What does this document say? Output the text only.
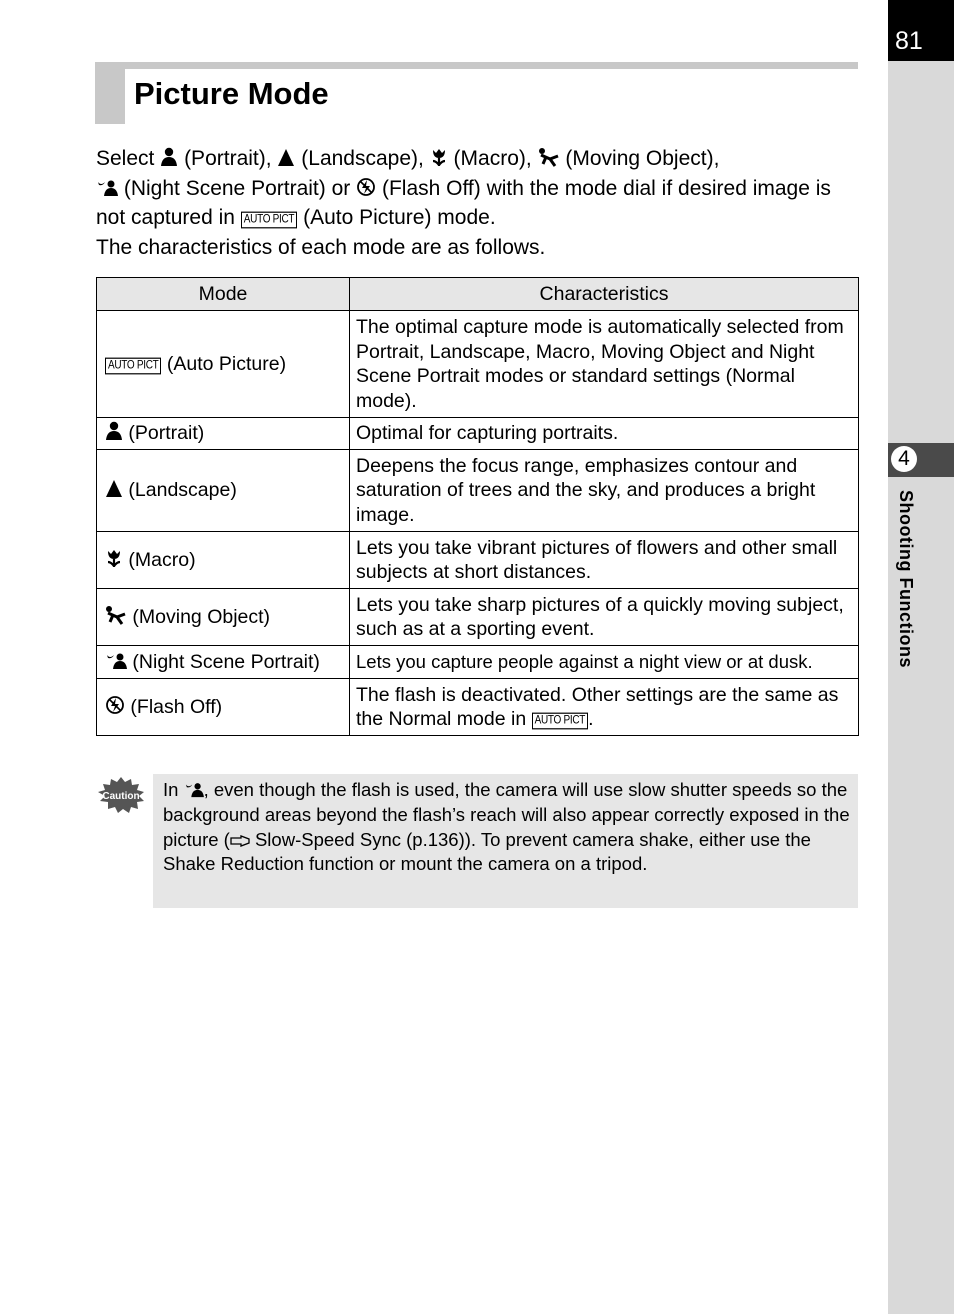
81
4
Shooting Functions
Picture Mode

Select (Portrait), (Landscape), (Macro), (Moving Object),
(Night Scene Portrait) or (Flash Off) with the mode dial if desired image is not captured in AUTO PICT (Auto Picture) mode.
The characteristics of each mode are as follows.

Mode	Characteristics
AUTO PICT (Auto Picture)	The optimal capture mode is automatically selected from Portrait, Landscape, Macro, Moving Object and Night Scene Portrait modes or standard settings (Normal mode).
(Portrait)	Optimal for capturing portraits.
(Landscape)	Deepens the focus range, emphasizes contour and saturation of trees and the sky, and produces a bright image.
(Macro)	Lets you take vibrant pictures of flowers and other small subjects at short distances.
(Moving Object)	Lets you take sharp pictures of a quickly moving subject, such as at a sporting event.
(Night Scene Portrait)	Lets you capture people against a night view or at dusk.
(Flash Off)	The flash is deactivated. Other settings are the same as the Normal mode in AUTO PICT .
Caution In , even though the flash is used, the camera will use slow shutter speeds so the background areas beyond the flash’s reach will also appear correctly exposed in the picture ( Slow-Speed Sync (p.136)). To prevent camera shake, either use the Shake Reduction function or mount the camera on a tripod.
